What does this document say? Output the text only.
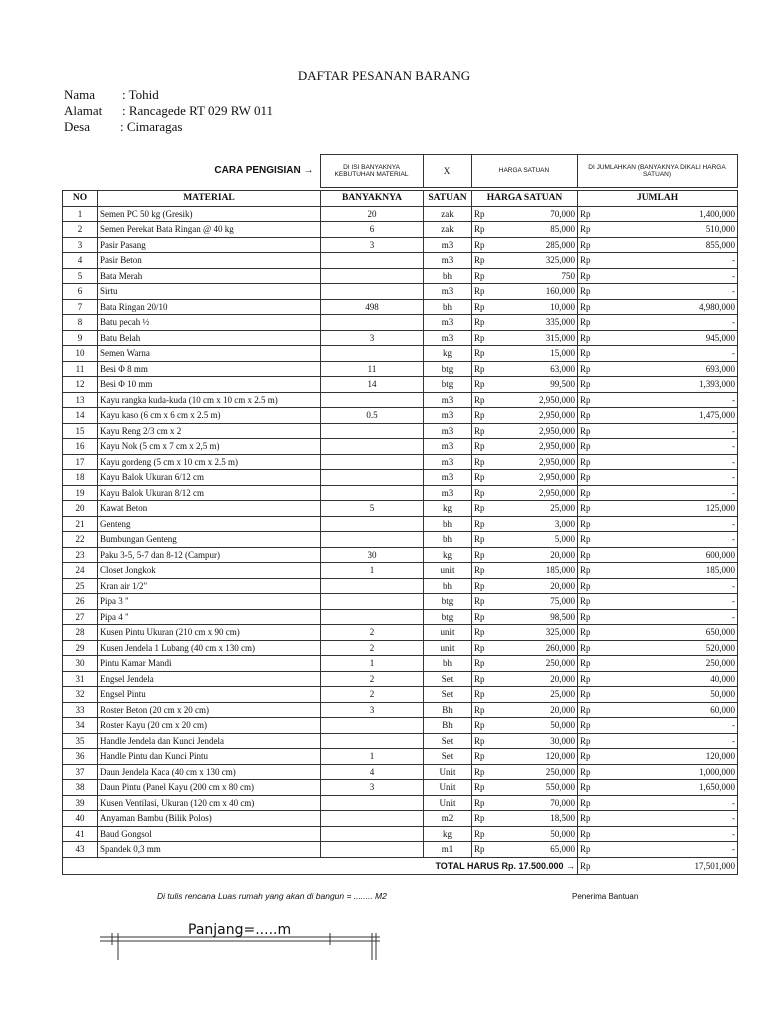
DAFTAR PESANAN BARANG
Nama : Tohid
Alamat : Rancagede RT 029 RW 011
Desa : Cimaragas
CARA PENGISIAN →	DI ISI BANYAKNYA KEBUTUHAN MATERIAL	X	HARGA SATUAN	DI JUMLAHKAN (BANYAKNYA DIKALI HARGA SATUAN)
NO	MATERIAL	BANYAKNYA	SATUAN	HARGA SATUAN		JUMLAH	
1	Semen PC 50 kg (Gresik)	20	zak	Rp	70,000	Rp	1,400,000
2	Semen Perekat Bata Ringan @ 40 kg	6	zak	Rp	85,000	Rp	510,000
3	Pasir Pasang	3	m3	Rp	285,000	Rp	855,000
4	Pasir Beton		m3	Rp	325,000	Rp	-
5	Bata Merah		bh	Rp	750	Rp	-
6	Sirtu		m3	Rp	160,000	Rp	-
7	Bata Ringan 20/10	498	bh	Rp	10,000	Rp	4,980,000
8	Batu pecah ½		m3	Rp	335,000	Rp	-
9	Batu Belah	3	m3	Rp	315,000	Rp	945,000
10	Semen Warna		kg	Rp	15,000	Rp	-
11	Besi Φ 8 mm	11	btg	Rp	63,000	Rp	693,000
12	Besi Φ 10 mm	14	btg	Rp	99,500	Rp	1,393,000
13	Kayu rangka kuda-kuda (10 cm x 10 cm x 2.5 m)		m3	Rp	2,950,000	Rp	-
14	Kayu kaso (6 cm x 6 cm x 2.5 m)	0.5	m3	Rp	2,950,000	Rp	1,475,000
15	Kayu Reng 2/3 cm x 2		m3	Rp	2,950,000	Rp	-
16	Kayu Nok (5 cm x 7 cm x 2,5 m)		m3	Rp	2,950,000	Rp	-
17	Kayu gordeng (5 cm x 10 cm x 2.5 m)		m3	Rp	2,950,000	Rp	-
18	Kayu Balok Ukuran 6/12 cm		m3	Rp	2,950,000	Rp	-
19	Kayu Balok Ukuran 8/12 cm		m3	Rp	2,950,000	Rp	-
20	Kawat Beton	5	kg	Rp	25,000	Rp	125,000
21	Genteng		bh	Rp	3,000	Rp	-
22	Bumbungan Genteng		bh	Rp	5,000	Rp	-
23	Paku 3-5, 5-7 dan 8-12 (Campur)	30	kg	Rp	20,000	Rp	600,000
24	Closet Jongkok	1	unit	Rp	185,000	Rp	185,000
25	Kran air 1/2"		bh	Rp	20,000	Rp	-
26	Pipa 3 "		btg	Rp	75,000	Rp	-
27	Pipa 4 "		btg	Rp	98,500	Rp	-
28	Kusen Pintu Ukuran (210 cm x 90 cm)	2	unit	Rp	325,000	Rp	650,000
29	Kusen Jendela 1 Lubang (40 cm x 130 cm)	2	unit	Rp	260,000	Rp	520,000
30	Pintu Kamar Mandi	1	bh	Rp	250,000	Rp	250,000
31	Engsel Jendela	2	Set	Rp	20,000	Rp	40,000
32	Engsel Pintu	2	Set	Rp	25,000	Rp	50,000
33	Roster Beton (20 cm x 20 cm)	3	Bh	Rp	20,000	Rp	60,000
34	Roster Kayu (20 cm x 20 cm)		Bh	Rp	50,000	Rp	-
35	Handle Jendela dan Kunci Jendela		Set	Rp	30,000	Rp	-
36	Handle Pintu dan Kunci Pintu	1	Set	Rp	120,000	Rp	120,000
37	Daun Jendela Kaca (40 cm x 130 cm)	4	Unit	Rp	250,000	Rp	1,000,000
38	Daun Pintu (Panel Kayu (200 cm x 80 cm)	3	Unit	Rp	550,000	Rp	1,650,000
39	Kusen Ventilasi, Ukuran (120 cm x 40 cm)		Unit	Rp	70,000	Rp	-
40	Anyaman Bambu (Bilik Polos)		m2	Rp	18,500	Rp	-
41	Baud Gongsol		kg	Rp	50,000	Rp	-
43	Spandek 0,3 mm		m1	Rp	65,000	Rp	-
TOTAL HARUS Rp. 17.500.000 →						Rp	17,501,000
Di tulis rencana Luas rumah yang akan di bangun = ........ M2	Penerima Bantuan
Panjang=.....m
